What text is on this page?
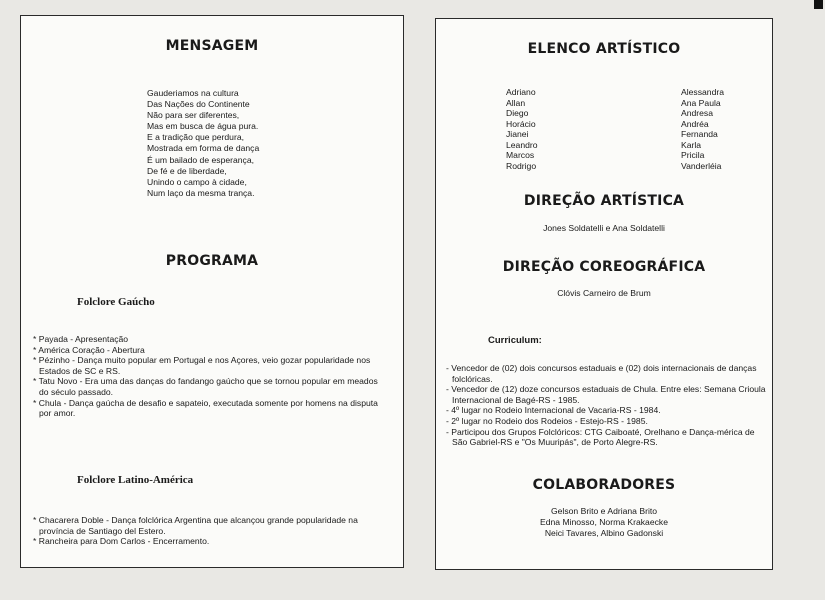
MENSAGEM
Gauderiamos na cultura
Das Nações do Continente
Não para ser diferentes,
Mas em busca de água pura.
E a tradição que perdura,
Mostrada em forma de dança
É um bailado de esperança,
De fé e de liberdade,
Unindo o campo à cidade,
Num laço da mesma trança.
PROGRAMA
Folclore Gaúcho
* Payada - Apresentação
* América Coração - Abertura
* Pézinho - Dança muito popular em Portugal e nos Açores, veio gozar popularidade nos Estados de SC e RS.
* Tatu Novo - Era uma das danças do fandango gaúcho que se tornou popular em meados do século passado.
* Chula - Dança gaúcha de desafio e sapateio, executada somente por homens na disputa por amor.
Folclore Latino-América
* Chacarera Doble - Dança folclórica Argentina que alcançou grande popularidade na província de Santiago del Estero.
* Rancheira para Dom Carlos - Encerramento.
ELENCO ARTÍSTICO
Adriano
Allan
Diego
Horácio
Jianei
Leandro
Marcos
Rodrigo
Alessandra
Ana Paula
Andresa
Andréa
Fernanda
Karla
Pricila
Vanderléia
DIREÇÃO ARTÍSTICA

Jones Soldatelli e Ana Soldatelli

DIREÇÃO COREOGRÁFICA

Clóvis Carneiro de Brum

Curriculum:
- Vencedor de (02) dois concursos estaduais e (02) dois internacionais de danças folclóricas.
- Vencedor de (12) doze concursos estaduais de Chula. Entre eles: Semana Crioula Internacional de Bagé-RS - 1985.
- 4º lugar no Rodeio Internacional de Vacaria-RS - 1984.
- 2º lugar no Rodeio dos Rodeios - Estejo-RS - 1985.
- Participou dos Grupos Folclóricos: CTG Caiboaté, Orelhano e Dança-mérica de São Gabriel-RS e "Os Muuripás", de Porto Alegre-RS.
COLABORADORES
Gelson Brito e Adriana Brito
Edna Minosso, Norma Krakaecke
Neici Tavares, Albino Gadonski
